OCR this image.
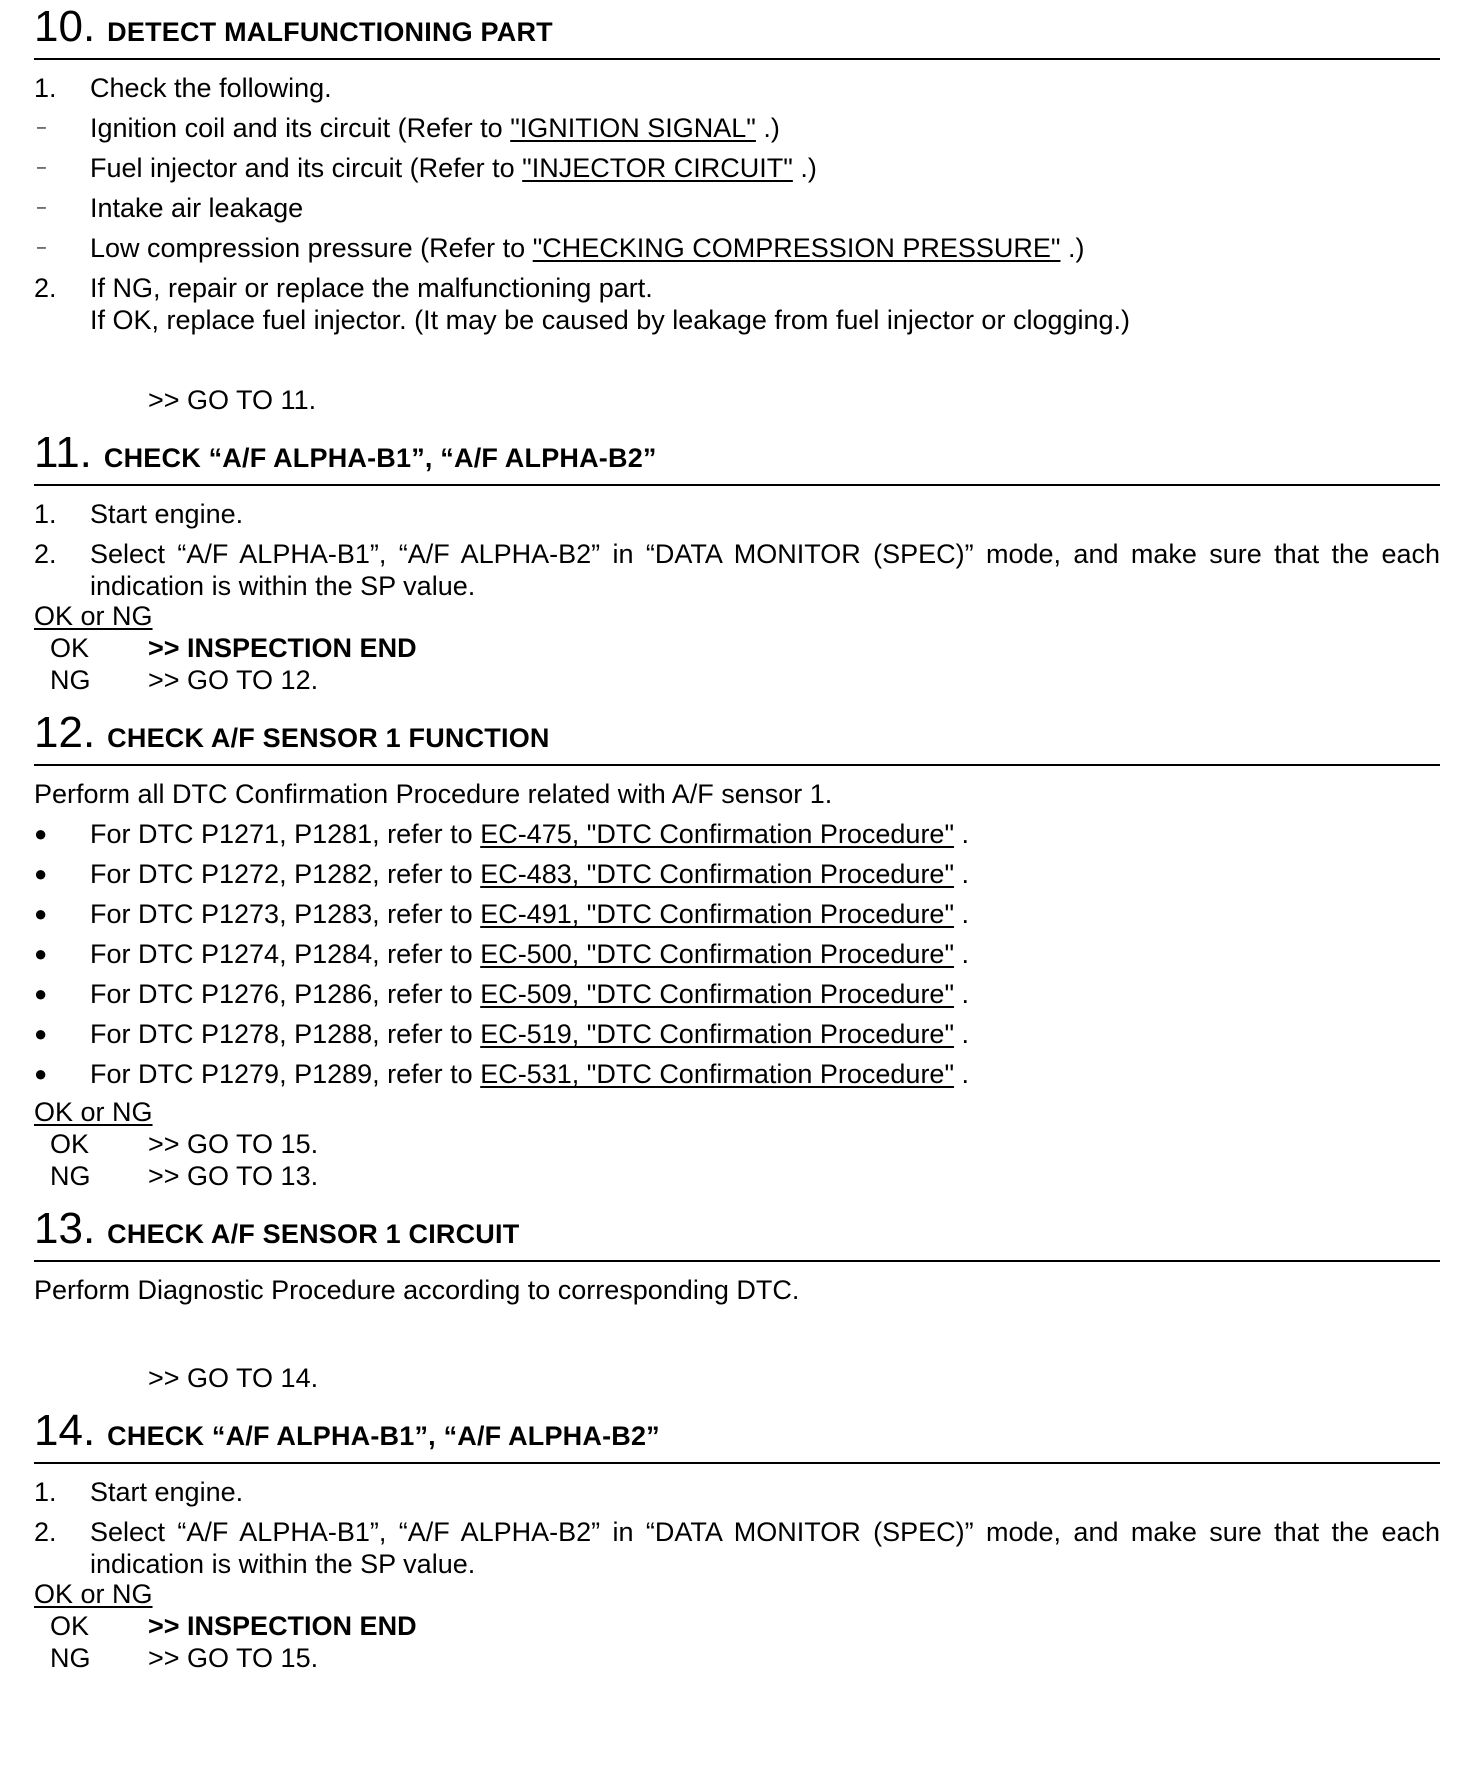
10. DETECT MALFUNCTIONING PART
1.	Check the following.
–	Ignition coil and its circuit (Refer to "IGNITION SIGNAL" .)
–	Fuel injector and its circuit (Refer to "INJECTOR CIRCUIT" .)
–	Intake air leakage
–	Low compression pressure (Refer to "CHECKING COMPRESSION PRESSURE" .)
2.	If NG, repair or replace the malfunctioning part.
If OK, replace fuel injector. (It may be caused by leakage from fuel injector or clogging.)
>> GO TO 11.
11. CHECK “A/F ALPHA-B1”, “A/F ALPHA-B2”
1.	Start engine.
2.	Select “A/F ALPHA-B1”, “A/F ALPHA-B2” in “DATA MONITOR (SPEC)” mode, and make sure that the each indication is within the SP value.
OK or NG
OK	>> INSPECTION END
NG	>> GO TO 12.
12. CHECK A/F SENSOR 1 FUNCTION
Perform all DTC Confirmation Procedure related with A/F sensor 1.
●	For DTC P1271, P1281, refer to EC-475, "DTC Confirmation Procedure" .
●	For DTC P1272, P1282, refer to EC-483, "DTC Confirmation Procedure" .
●	For DTC P1273, P1283, refer to EC-491, "DTC Confirmation Procedure" .
●	For DTC P1274, P1284, refer to EC-500, "DTC Confirmation Procedure" .
●	For DTC P1276, P1286, refer to EC-509, "DTC Confirmation Procedure" .
●	For DTC P1278, P1288, refer to EC-519, "DTC Confirmation Procedure" .
●	For DTC P1279, P1289, refer to EC-531, "DTC Confirmation Procedure" .
OK or NG
OK	>> GO TO 15.
NG	>> GO TO 13.
13. CHECK A/F SENSOR 1 CIRCUIT
Perform Diagnostic Procedure according to corresponding DTC.
>> GO TO 14.
14. CHECK “A/F ALPHA-B1”, “A/F ALPHA-B2”
1.	Start engine.
2.	Select “A/F ALPHA-B1”, “A/F ALPHA-B2” in “DATA MONITOR (SPEC)” mode, and make sure that the each indication is within the SP value.
OK or NG
OK	>> INSPECTION END
NG	>> GO TO 15.
